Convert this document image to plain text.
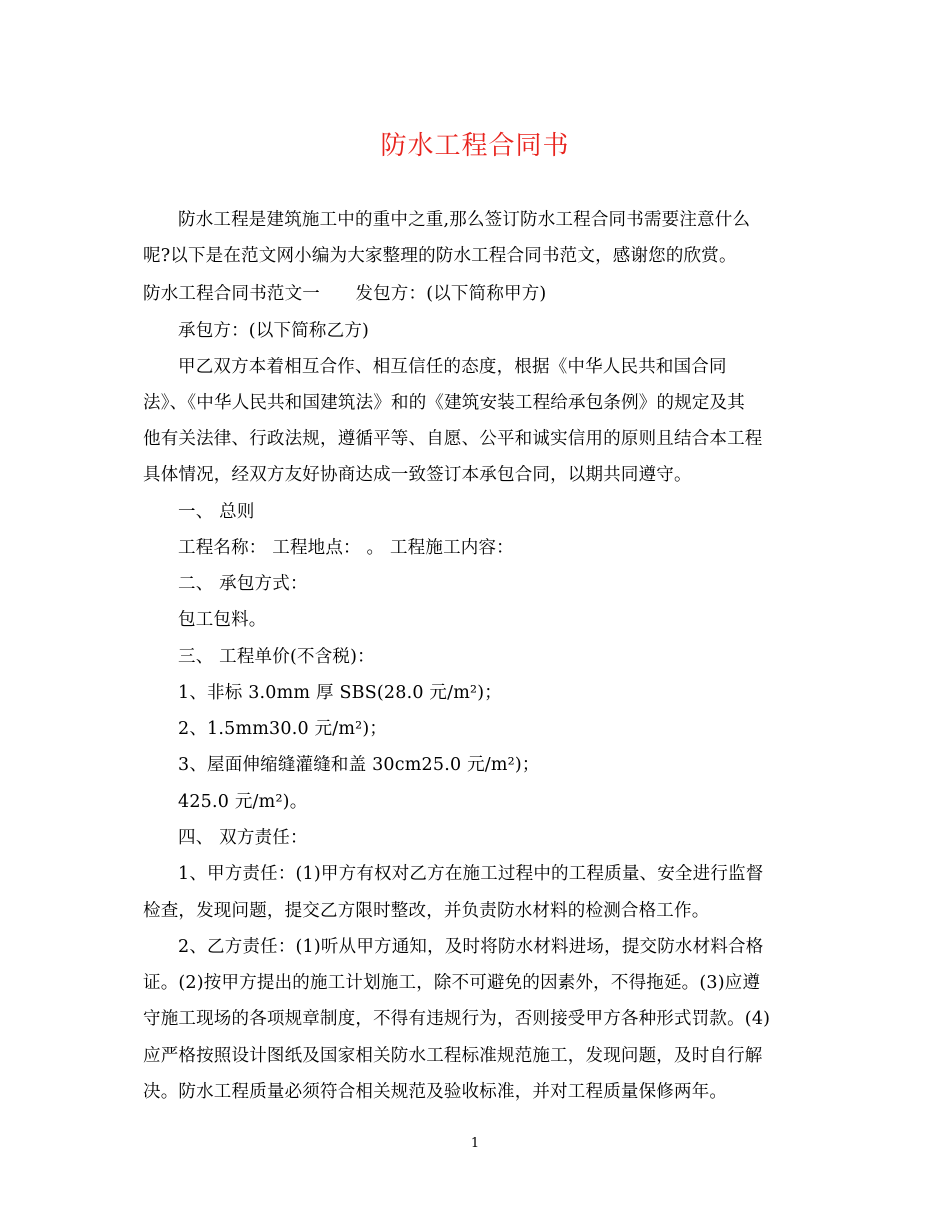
防水工程合同书
防水工程是建筑施工中的重中之重,那么签订防水工程合同书需要注意什么
呢?以下是在范文网小编为大家整理的防水工程合同书范文，感谢您的欣赏。
防水工程合同书范文一　　发包方：(以下简称甲方)
承包方：(以下简称乙方)
甲乙双方本着相互合作、相互信任的态度，根据《中华人民共和国合同
法》、《中华人民共和国建筑法》和的《建筑安装工程给承包条例》的规定及其
他有关法律、行政法规，遵循平等、自愿、公平和诚实信用的原则且结合本工程
具体情况，经双方友好协商达成一致签订本承包合同，以期共同遵守。
一、 总则
工程名称： 工程地点： 。 工程施工内容：
二、 承包方式：
包工包料。
三、 工程单价(不含税)：
1、非标 3.0mm 厚 SBS(28.0 元/m²)；
2、1.5mm30.0 元/m²)；
3、屋面伸缩缝灌缝和盖 30cm25.0 元/m²)；
425.0 元/m²)。
四、 双方责任：
1、甲方责任：(1)甲方有权对乙方在施工过程中的工程质量、安全进行监督
检查，发现问题，提交乙方限时整改，并负责防水材料的检测合格工作。
2、乙方责任：(1)听从甲方通知，及时将防水材料进场，提交防水材料合格
证。(2)按甲方提出的施工计划施工，除不可避免的因素外，不得拖延。(3)应遵
守施工现场的各项规章制度，不得有违规行为，否则接受甲方各种形式罚款。(4)
应严格按照设计图纸及国家相关防水工程标准规范施工，发现问题，及时自行解
决。防水工程质量必须符合相关规范及验收标准，并对工程质量保修两年。
1
